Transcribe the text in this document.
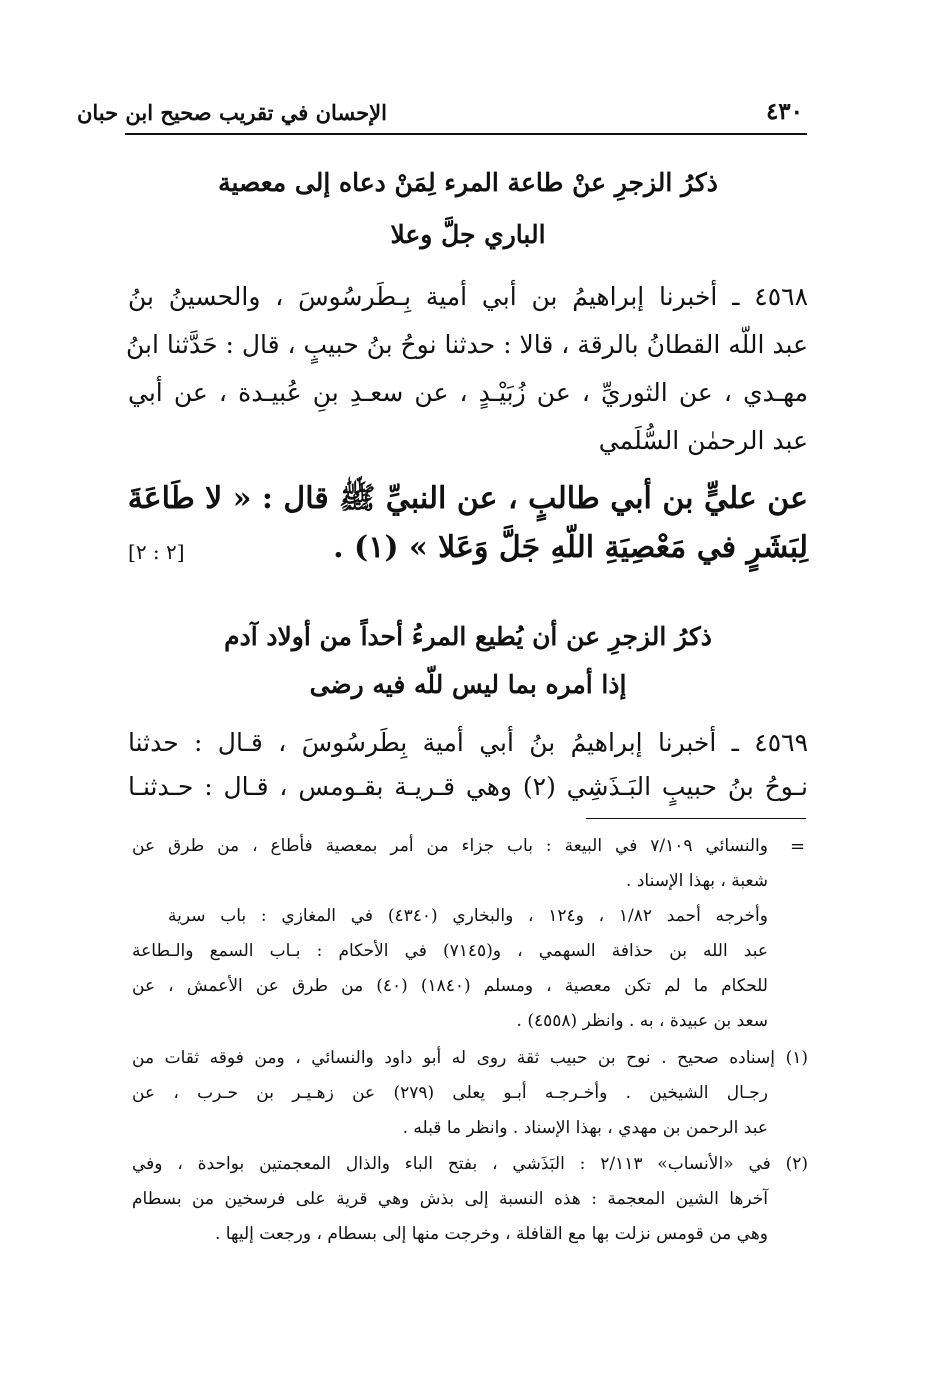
٤٣٠
الإحسان في تقريب صحيح ابن حبان
ذكرُ الزجرِ عنْ طاعة المرء لِمَنْ دعاه إلى معصية
الباري جلَّ وعلا
٤٥٦٨ ـ أخبرنا إبراهيمُ بن أبي أمية بِـطَرسُوسَ ، والحسينُ بنُ
عبد اللّه القطانُ بالرقة ، قالا : حدثنا نوحُ بنُ حبيبٍ ، قال : حَدَّثنا ابنُ
مهـدي ، عن الثوريِّ ، عن زُبَيْـدٍ ، عن سعـدِ بنِ عُبيـدة ، عن أبي
عبد الرحمٰن السُّلَمي
عن عليٍّ بن أبي طالبٍ ، عن النبيِّ ﷺ قال : « لا طَاعَةَ
لِبَشَرٍ في مَعْصِيَةِ اللّهِ جَلَّ وَعَلا » (١) .
[٢ : ٢]
ذكرُ الزجرِ عن أن يُطيع المرءُ أحداً من أولاد آدم
إذا أمره بما ليس للّه فيه رضى
٤٥٦٩ ـ أخبرنا إبراهيمُ بنُ أبي أمية بِطَرسُوسَ ، قـال : حدثنا
نـوحُ بنُ حبيبٍ البَـذَشِي (٢) وهي قـريـة بقـومس ، قـال : حـدثنـا
=
والنسائي ٧/١٠٩ في البيعة : باب جزاء من أمر بمعصية فأطاع ، من طرق عن
شعبة ، بهذا الإسناد .
وأخرجه أحمد ١/٨٢ ، و١٢٤ ، والبخاري (٤٣٤٠) في المغازي : باب سرية
عبد الله بن حذافة السهمي ، و(٧١٤٥) في الأحكام : بـاب السمع والـطاعة
للحكام ما لم تكن معصية ، ومسلم (١٨٤٠) (٤٠) من طرق عن الأعمش ، عن
سعد بن عبيدة ، به . وانظر (٤٥٥٨) .
(١) إسناده صحيح . نوح بن حبيب ثقة روى له أبو داود والنسائي ، ومن فوقه ثقات من
رجـال الشيخين . وأخـرجـه أبـو يعلى (٢٧٩) عن زهـيـر بن حـرب ، عن
عبد الرحمن بن مهدي ، بهذا الإسناد . وانظر ما قبله .
(٢) في «الأنساب» ٢/١١٣ : البَذَشي ، بفتح الباء والذال المعجمتين بواحدة ، وفي
آخرها الشين المعجمة : هذه النسبة إلى بذش وهي قرية على فرسخين من بسطام
وهي من قومس نزلت بها مع القافلة ، وخرجت منها إلى بسطام ، ورجعت إليها .
